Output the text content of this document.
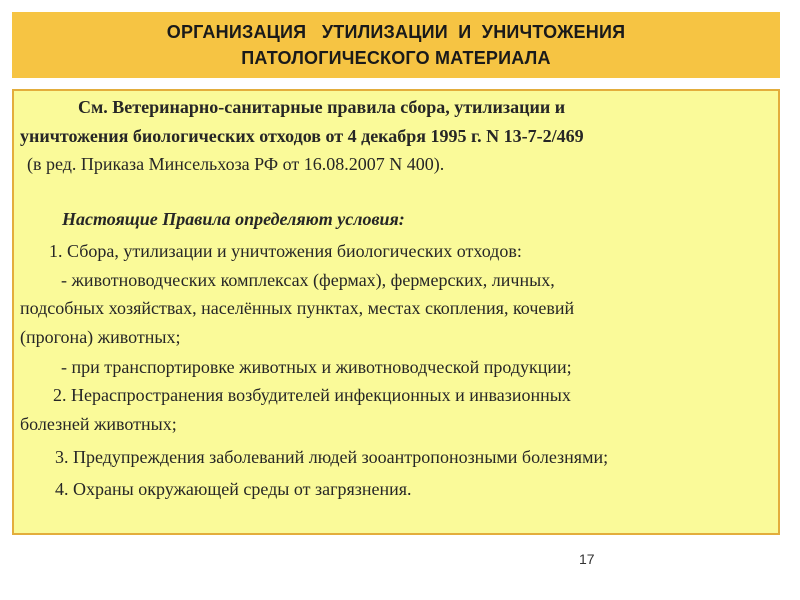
ОРГАНИЗАЦИЯ   УТИЛИЗАЦИИ  И  УНИЧТОЖЕНИЯ
ПАТОЛОГИЧЕСКОГО МАТЕРИАЛА
См. Ветеринарно-санитарные правила сбора, утилизации и
уничтожения биологических отходов от 4 декабря 1995 г. N 13-7-2/469
(в ред. Приказа Минсельхоза РФ от 16.08.2007 N 400).
Настоящие Правила определяют условия:
1. Сбора, утилизации и уничтожения биологических отходов:
- животноводческих комплексах (фермах), фермерских, личных,
подсобных хозяйствах, населённых пунктах, местах скопления, кочевий
(прогона) животных;
- при транспортировке животных и животноводческой продукции;
2. Нераспространения возбудителей инфекционных и инвазионных
болезней животных;
3. Предупреждения заболеваний людей зооантропонозными болезнями;
4. Охраны окружающей среды от загрязнения.
17
